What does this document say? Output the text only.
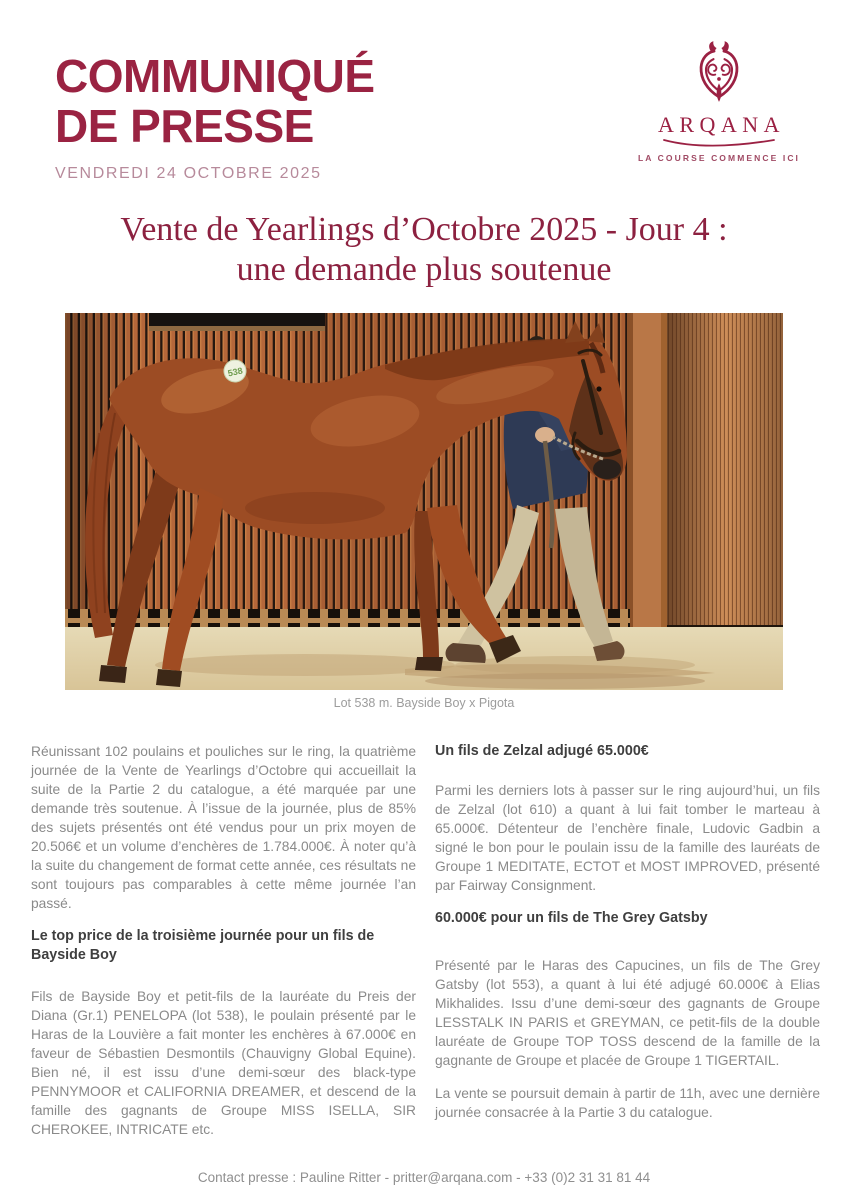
COMMUNIQUÉ
DE PRESSE
VENDREDI 24 OCTOBRE 2025
ARQANA
LA COURSE COMMENCE ICI
Vente de Yearlings d’Octobre 2025 - Jour 4 :
une demande plus soutenue
538
Lot 538 m. Bayside Boy x Pigota

Réunissant 102 poulains et pouliches sur le ring, la quatrième journée de la Vente de Yearlings d’Octobre qui accueillait la suite de la Partie 2 du catalogue, a été marquée par une demande très soutenue. À l’issue de la journée, plus de 85% des sujets présentés ont été vendus pour un prix moyen de 20.506€ et un volume d’enchères de 1.784.000€. À noter qu’à la suite du changement de format cette année, ces résultats ne sont toujours pas comparables à cette même journée l’an passé.

Le top price de la troisième journée pour un fils de Bayside Boy

Fils de Bayside Boy et petit-fils de la lauréate du Preis der Diana (Gr.1) PENELOPA (lot 538), le poulain présenté par le Haras de la Louvière a fait monter les enchères à 67.000€ en faveur de Sébastien Desmontils (Chauvigny Global Equine). Bien né, il est issu d’une demi-sœur des black-type PENNYMOOR et CALIFORNIA DREAMER, et descend de la famille des gagnants de Groupe MISS ISELLA, SIR CHEROKEE, INTRICATE etc.

Un fils de Zelzal adjugé 65.000€

Parmi les derniers lots à passer sur le ring aujourd’hui, un fils de Zelzal (lot 610) a quant à lui fait tomber le marteau à 65.000€. Détenteur de l’enchère finale, Ludovic Gadbin a signé le bon pour le poulain issu de la famille des lauréats de Groupe 1 MEDITATE, ECTOT et MOST IMPROVED, présenté par Fairway Consignment.

60.000€ pour un fils de The Grey Gatsby

Présenté par le Haras des Capucines, un fils de The Grey Gatsby (lot 553), a quant à lui été adjugé 60.000€ à Elias Mikhalides. Issu d’une demi-sœur des gagnants de Groupe LESSTALK IN PARIS et GREYMAN, ce petit-fils de la double lauréate de Groupe TOP TOSS descend de la famille de la gagnante de Groupe et placée de Groupe 1 TIGERTAIL.

La vente se poursuit demain à partir de 11h, avec une dernière journée consacrée à la Partie 3 du catalogue.

Contact presse : Pauline Ritter - pritter@arqana.com - +33 (0)2 31 31 81 44
